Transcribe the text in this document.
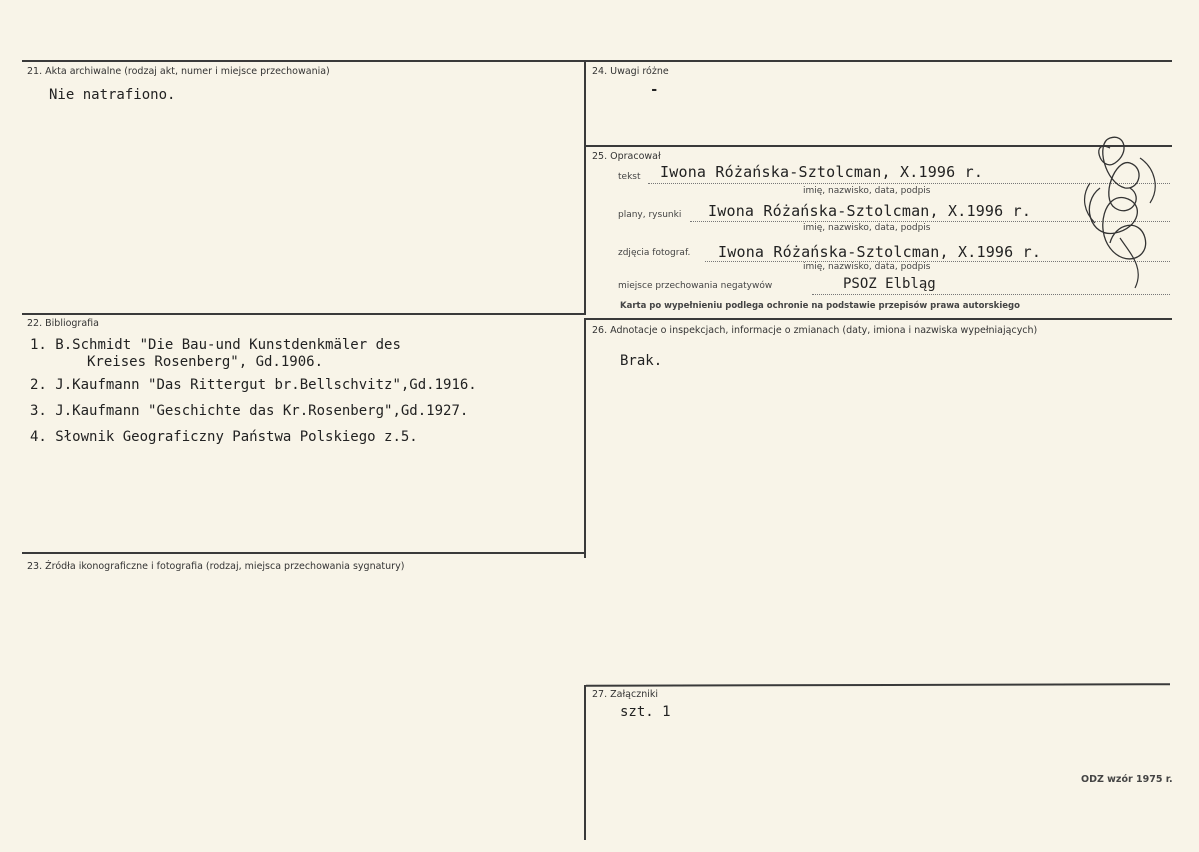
21. Akta archiwalne (rodzaj akt, numer i miejsce przechowania)
Nie natrafiono.
22. Bibliografia
1. B.Schmidt "Die Bau-und Kunstdenkmäler des
Kreises Rosenberg", Gd.1906.
2. J.Kaufmann "Das Rittergut br.Bellschvitz",Gd.1916.
3. J.Kaufmann "Geschichte das Kr.Rosenberg",Gd.1927.
4. Słownik Geograficzny Państwa Polskiego z.5.
23. Źródła ikonograficzne i fotografia (rodzaj, miejsca przechowania sygnatury)
24. Uwagi różne
-
25. Opracował
tekst Iwona Różańska-Sztolcman, X.1996 r.
imię, nazwisko, data, podpis
plany, rysunki Iwona Różańska-Sztolcman, X.1996 r.
imię, nazwisko, data, podpis
zdjęcia fotograf. Iwona Różańska-Sztolcman, X.1996 r.
imię, nazwisko, data, podpis
miejsce przechowania negatywów	PSOZ Elbląg
Karta po wypełnieniu podlega ochronie na podstawie przepisów prawa autorskiego
26. Adnotacje o inspekcjach, informacje o zmianach (daty, imiona i nazwiska wypełniających)
Brak.
27. Załączniki
szt. 1
ODZ wzór 1975 r.
